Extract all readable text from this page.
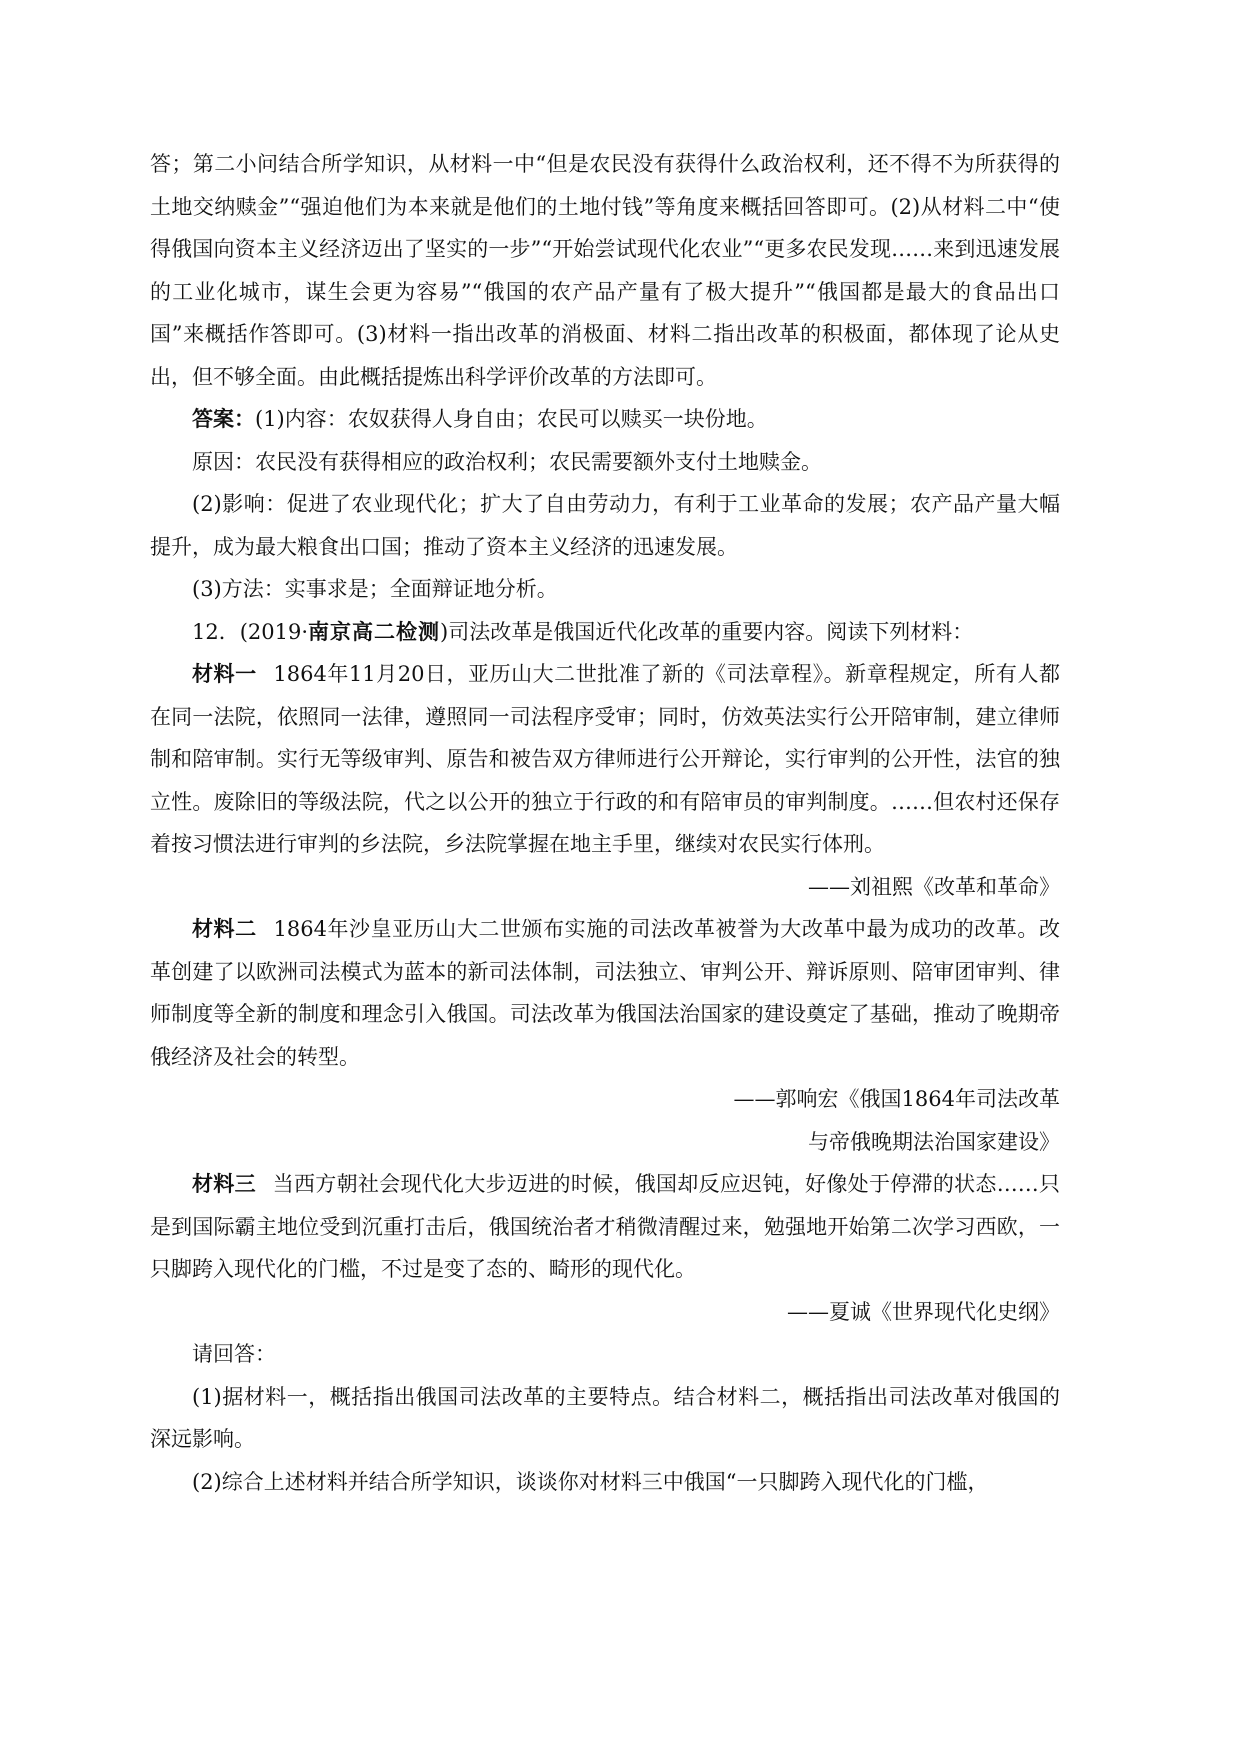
答；第二小问结合所学知识，从材料一中“但是农民没有获得什么政治权利，还不得不为所获得的土地交纳赎金”“强迫他们为本来就是他们的土地付钱”等角度来概括回答即可。(2)从材料二中“使得俄国向资本主义经济迈出了坚实的一步”“开始尝试现代化农业”“更多农民发现……来到迅速发展的工业化城市，谋生会更为容易”“俄国的农产品产量有了极大提升”“俄国都是最大的食品出口国”来概括作答即可。(3)材料一指出改革的消极面、材料二指出改革的积极面，都体现了论从史出，但不够全面。由此概括提炼出科学评价改革的方法即可。

答案：(1)内容：农奴获得人身自由；农民可以赎买一块份地。

原因：农民没有获得相应的政治权利；农民需要额外支付土地赎金。

(2)影响：促进了农业现代化；扩大了自由劳动力，有利于工业革命的发展；农产品产量大幅提升，成为最大粮食出口国；推动了资本主义经济的迅速发展。

(3)方法：实事求是；全面辩证地分析。

12．(2019·南京高二检测)司法改革是俄国近代化改革的重要内容。阅读下列材料：

材料一 1864年11月20日，亚历山大二世批准了新的《司法章程》。新章程规定，所有人都在同一法院，依照同一法律，遵照同一司法程序受审；同时，仿效英法实行公开陪审制，建立律师制和陪审制。实行无等级审判、原告和被告双方律师进行公开辩论，实行审判的公开性，法官的独立性。废除旧的等级法院，代之以公开的独立于行政的和有陪审员的审判制度。……但农村还保存着按习惯法进行审判的乡法院，乡法院掌握在地主手里，继续对农民实行体刑。

——刘祖熙《改革和革命》

材料二 1864年沙皇亚历山大二世颁布实施的司法改革被誉为大改革中最为成功的改革。改革创建了以欧洲司法模式为蓝本的新司法体制，司法独立、审判公开、辩诉原则、陪审团审判、律师制度等全新的制度和理念引入俄国。司法改革为俄国法治国家的建设奠定了基础，推动了晚期帝俄经济及社会的转型。

——郭响宏《俄国1864年司法改革

与帝俄晚期法治国家建设》

材料三 当西方朝社会现代化大步迈进的时候，俄国却反应迟钝，好像处于停滞的状态……只是到国际霸主地位受到沉重打击后，俄国统治者才稍微清醒过来，勉强地开始第二次学习西欧，一只脚跨入现代化的门槛，不过是变了态的、畸形的现代化。

——夏诚《世界现代化史纲》

请回答：

(1)据材料一，概括指出俄国司法改革的主要特点。结合材料二，概括指出司法改革对俄国的深远影响。

(2)综合上述材料并结合所学知识，谈谈你对材料三中俄国“一只脚跨入现代化的门槛，
